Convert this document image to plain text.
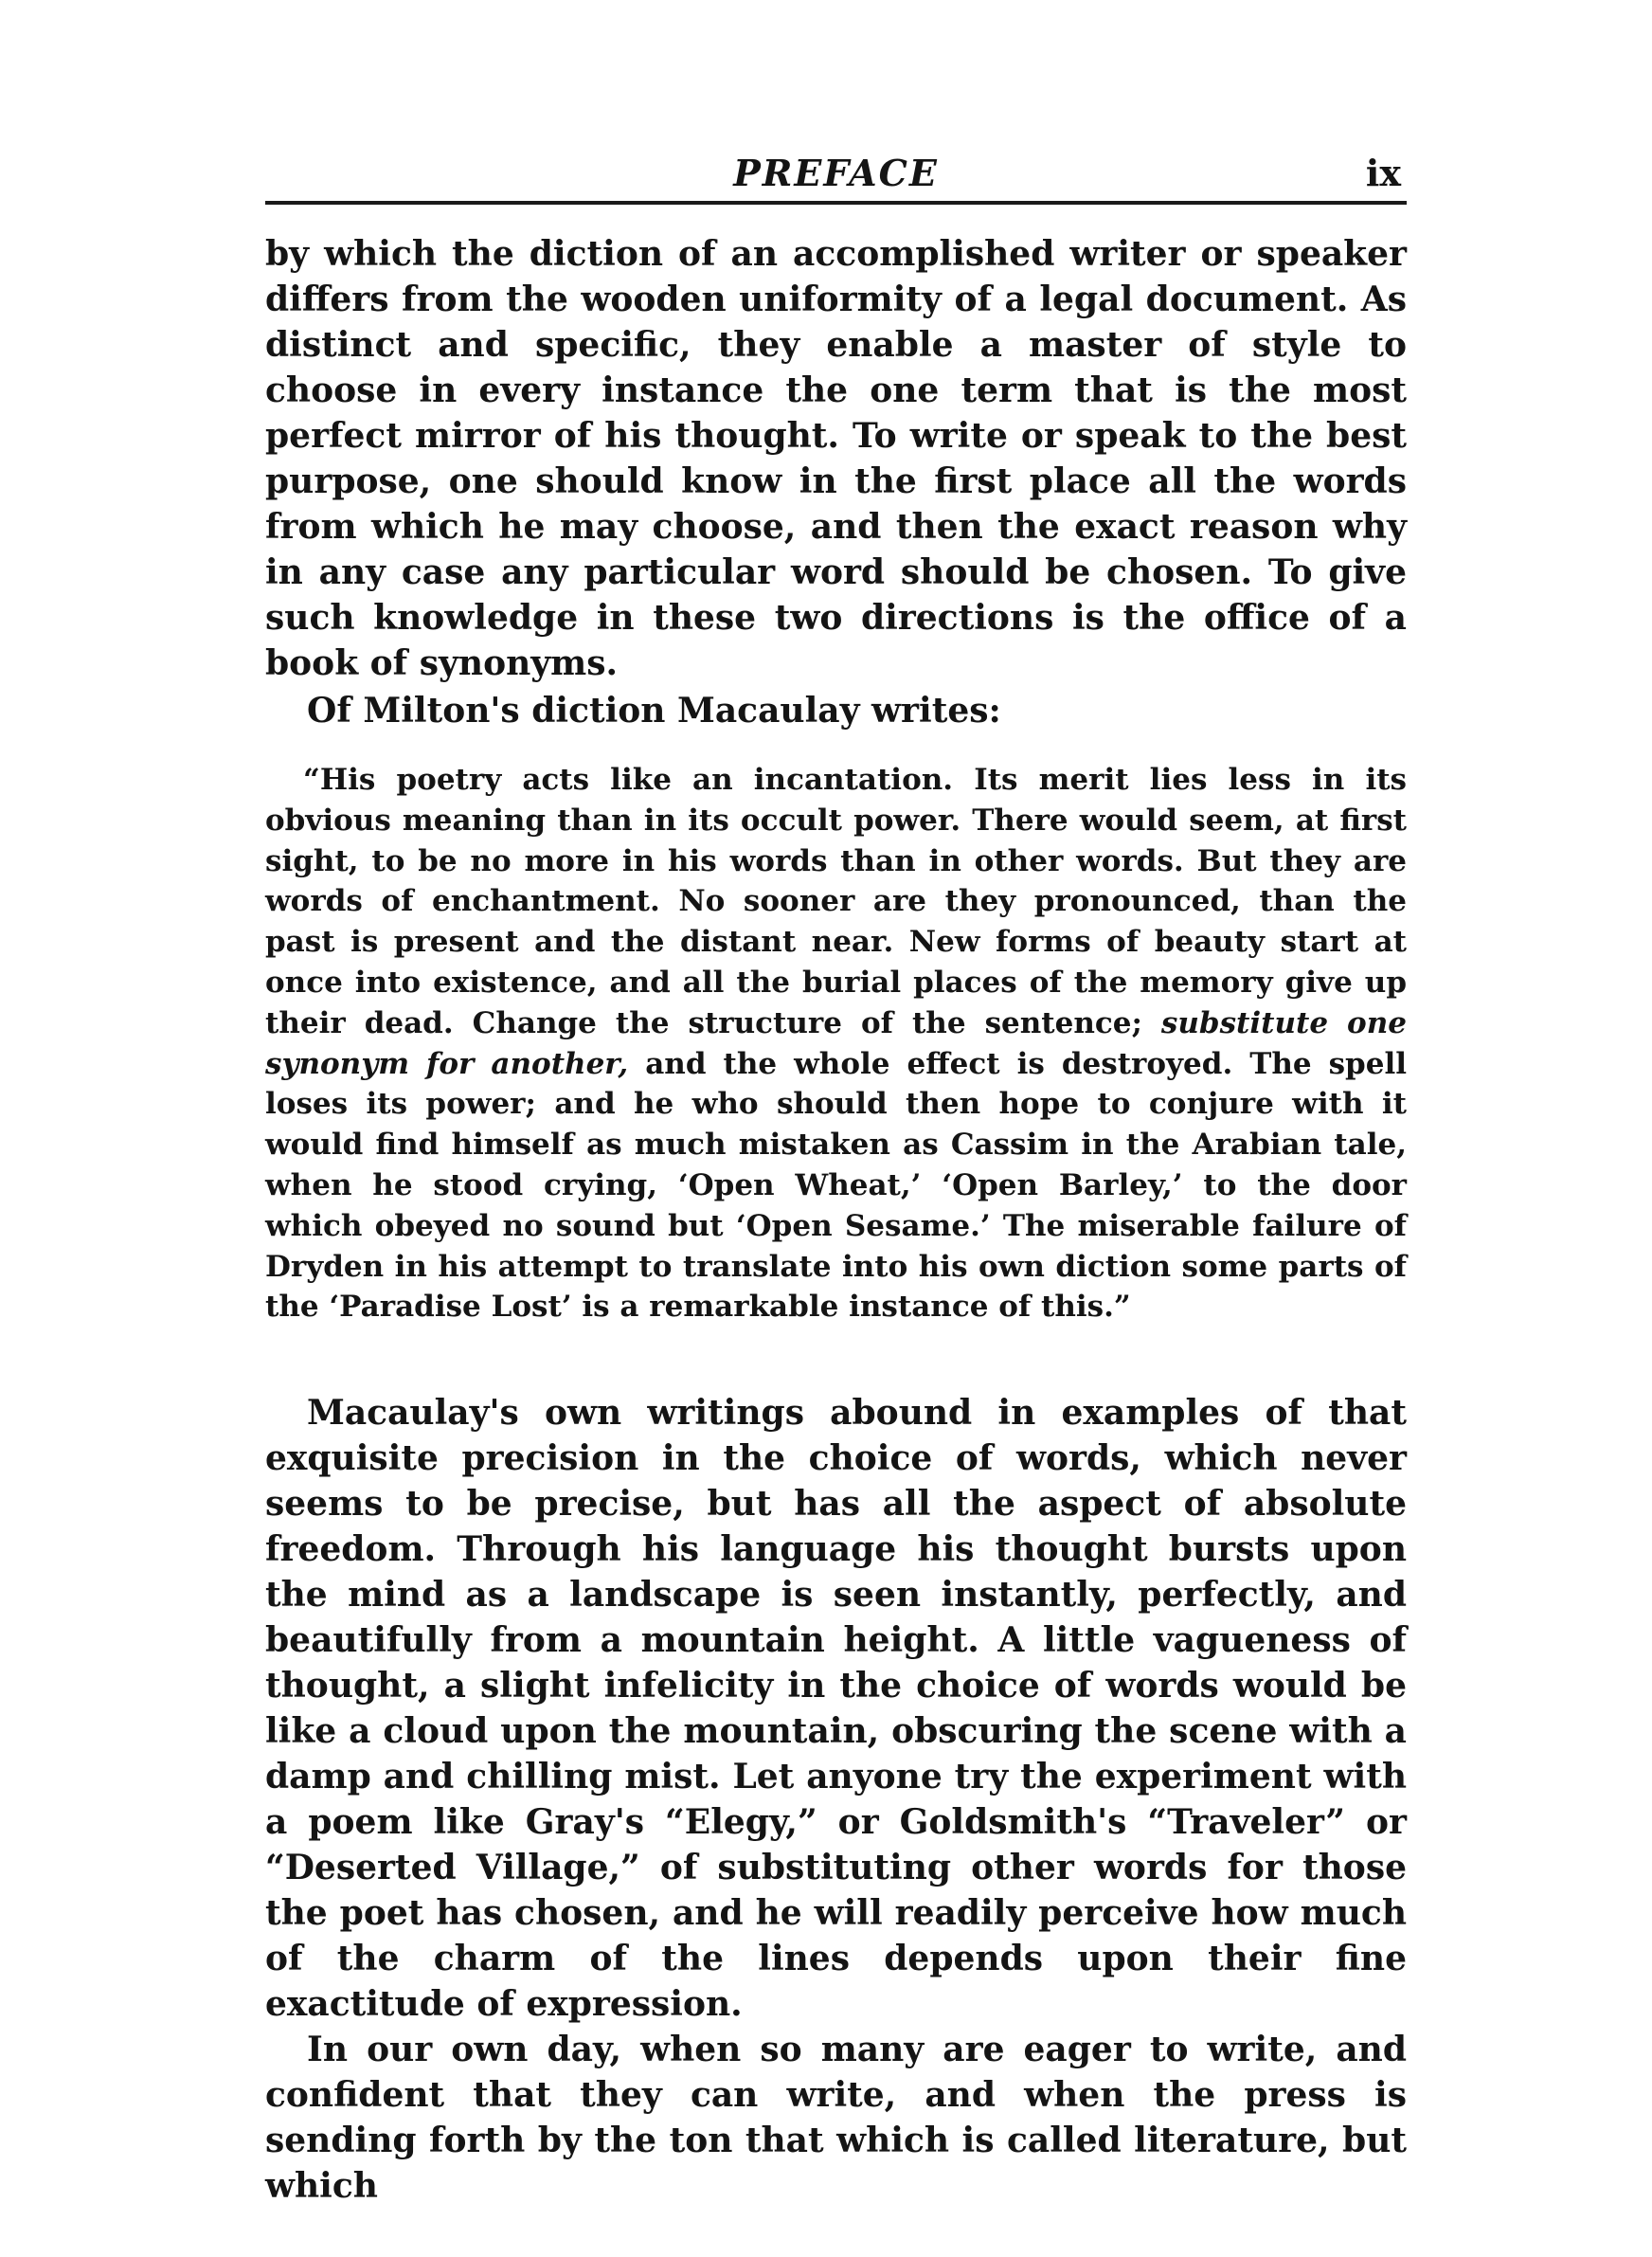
PREFACE	ix

by which the diction of an accomplished writer or speaker differs from the wooden uniformity of a legal document. As distinct and specific, they enable a master of style to choose in every instance the one term that is the most perfect mirror of his thought. To write or speak to the best purpose, one should know in the first place all the words from which he may choose, and then the exact reason why in any case any particular word should be chosen. To give such knowledge in these two directions is the office of a book of synonyms.

Of Milton's diction Macaulay writes:

“His poetry acts like an incantation. Its merit lies less in its obvious meaning than in its occult power. There would seem, at first sight, to be no more in his words than in other words. But they are words of enchantment. No sooner are they pronounced, than the past is present and the distant near. New forms of beauty start at once into existence, and all the burial places of the memory give up their dead. Change the structure of the sentence; substitute one synonym for another, and the whole effect is destroyed. The spell loses its power; and he who should then hope to conjure with it would find himself as much mistaken as Cassim in the Arabian tale, when he stood crying, ‘Open Wheat,’ ‘Open Barley,’ to the door which obeyed no sound but ‘Open Sesame.’ The miserable failure of Dryden in his attempt to translate into his own diction some parts of the ‘Paradise Lost’ is a remarkable instance of this.”

Macaulay's own writings abound in examples of that exquisite precision in the choice of words, which never seems to be precise, but has all the aspect of absolute freedom. Through his language his thought bursts upon the mind as a landscape is seen instantly, perfectly, and beautifully from a mountain height. A little vagueness of thought, a slight infelicity in the choice of words would be like a cloud upon the mountain, obscuring the scene with a damp and chilling mist. Let anyone try the experiment with a poem like Gray's “Elegy,” or Goldsmith's “Traveler” or “Deserted Village,” of substituting other words for those the poet has chosen, and he will readily perceive how much of the charm of the lines depends upon their fine exactitude of expression.

In our own day, when so many are eager to write, and confident that they can write, and when the press is sending forth by the ton that which is called literature, but which
